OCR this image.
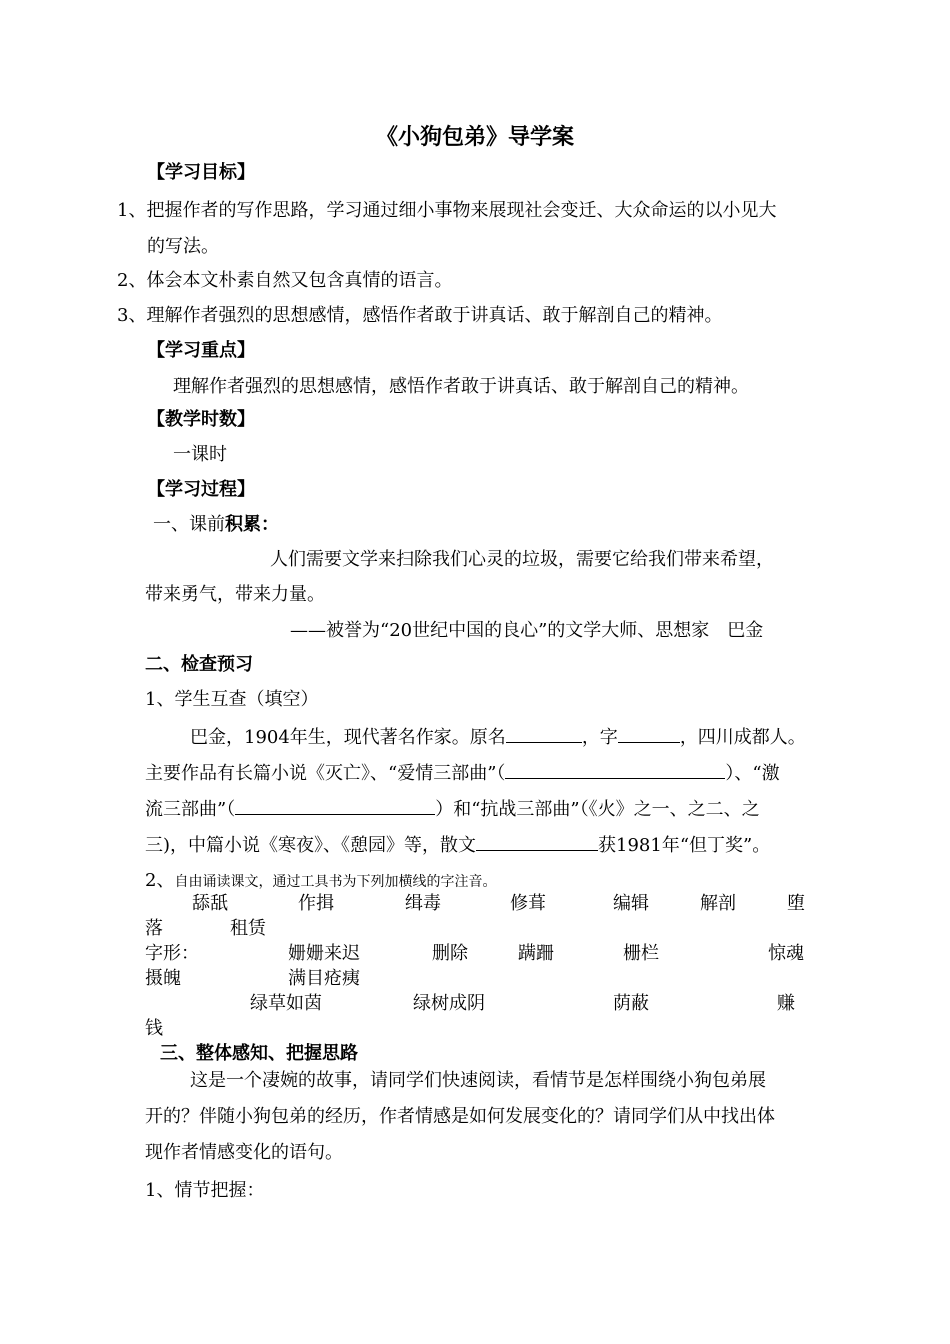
《小狗包弟》导学案
【学习目标】
1、把握作者的写作思路，学习通过细小事物来展现社会变迁、大众命运的以小见大
的写法。
2、体会本文朴素自然又包含真情的语言。
3、理解作者强烈的思想感情，感悟作者敢于讲真话、敢于解剖自己的精神。
【学习重点】
理解作者强烈的思想感情，感悟作者敢于讲真话、敢于解剖自己的精神。
【教学时数】
一课时
【学习过程】
一、课前积累：
人们需要文学来扫除我们心灵的垃圾，需要它给我们带来希望，
带来勇气，带来力量。
——被誉为“20世纪中国的良心”的文学大师、思想家　巴金
二、检查预习
1、学生互查（填空）
巴金，1904年生，现代著名作家。原名	，字	，四川成都人。
主要作品有长篇小说《灭亡》、“爱情三部曲”（	）、“激
流三部曲”（	）和“抗战三部曲”（《火》之一、之二、之
三)，中篇小说《寒夜》、《憩园》等，散文	获1981年“但丁奖”。
2、自由诵读课文，通过工具书为下列加横线的字注音。
舔舐	作揖	缉毒	修葺	编辑	解剖	堕
落	租赁
字形：	姗姗来迟	删除	蹒跚	栅栏	惊魂
摄魄	满目疮痍
绿草如茵	绿树成阴	荫蔽	赚
钱
三、整体感知、把握思路
这是一个凄婉的故事，请同学们快速阅读，看情节是怎样围绕小狗包弟展
开的？伴随小狗包弟的经历，作者情感是如何发展变化的？请同学们从中找出体
现作者情感变化的语句。
1、情节把握：
